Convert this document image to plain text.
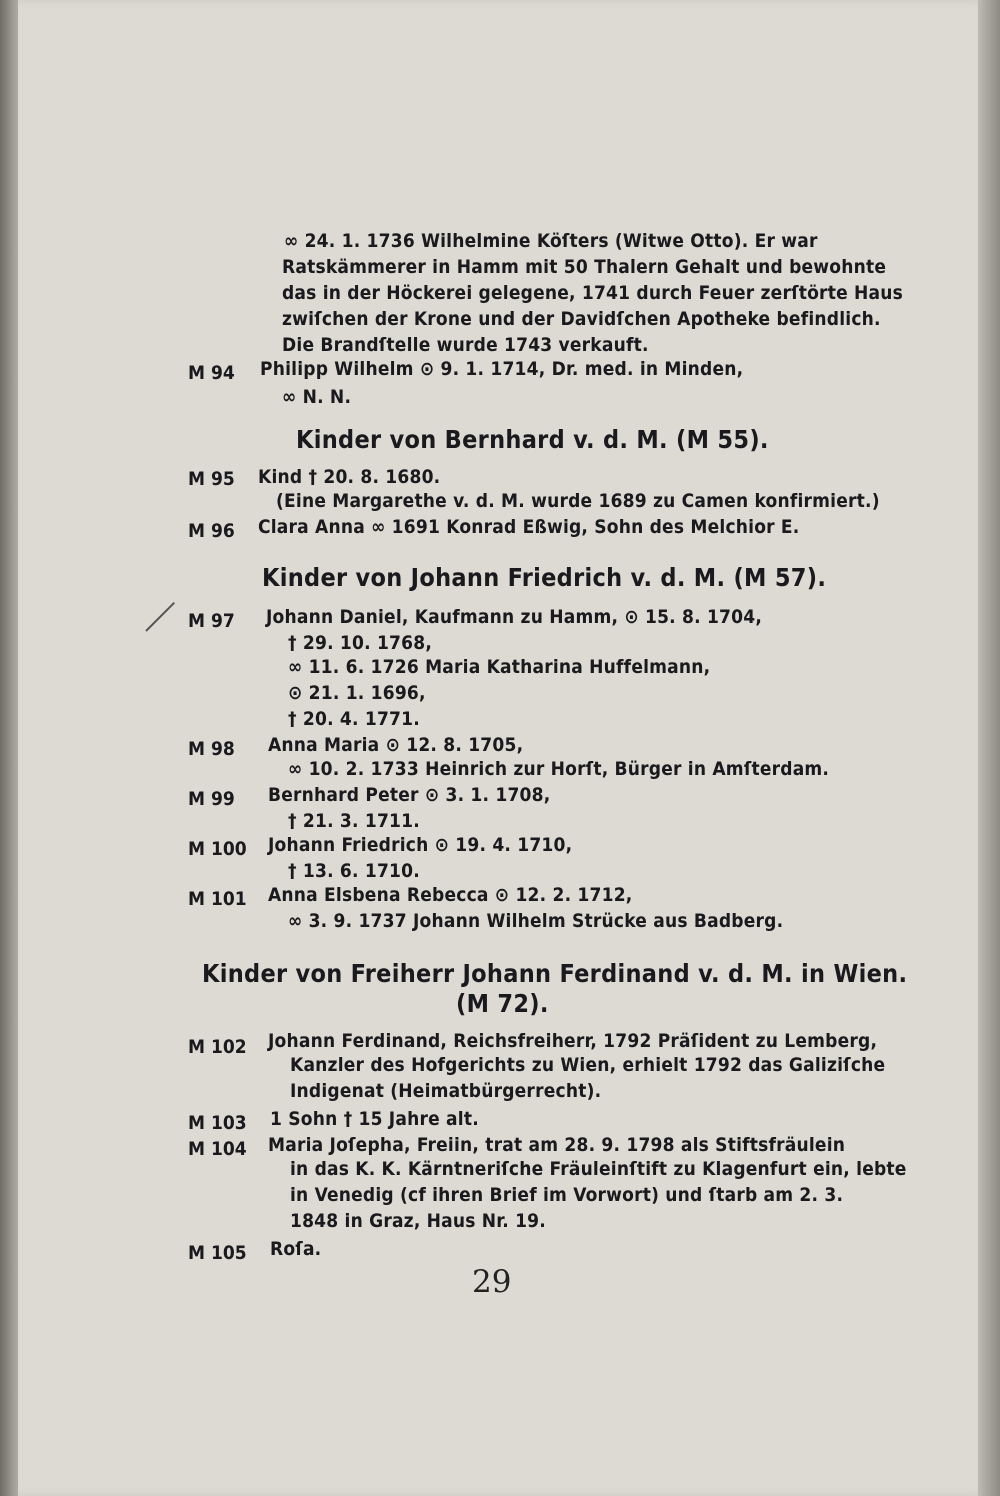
∞ 24. 1. 1736 Wilhelmine Köſters (Witwe Otto). Er war
Ratskämmerer in Hamm mit 50 Thalern Gehalt und bewohnte
das in der Höckerei gelegene, 1741 durch Feuer zerſtörte Haus
zwiſchen der Krone und der Davidſchen Apotheke befindlich.
Die Brandſtelle wurde 1743 verkauft.
M 94 Philipp Wilhelm ⊙ 9. 1. 1714, Dr. med. in Minden,
∞ N. N.
Kinder von Bernhard v. d. M. (M 55).
M 95 Kind † 20. 8. 1680.
(Eine Margarethe v. d. M. wurde 1689 zu Camen konfirmiert.)
M 96 Clara Anna ∞ 1691 Konrad Eßwig, Sohn des Melchior E.
Kinder von Johann Friedrich v. d. M. (M 57).
M 97 Johann Daniel, Kaufmann zu Hamm, ⊙ 15. 8. 1704,
† 29. 10. 1768,
∞ 11. 6. 1726 Maria Katharina Huffelmann,
⊙ 21. 1. 1696,
† 20. 4. 1771.
M 98 Anna Maria ⊙ 12. 8. 1705,
∞ 10. 2. 1733 Heinrich zur Horſt, Bürger in Amſterdam.
M 99 Bernhard Peter ⊙ 3. 1. 1708,
† 21. 3. 1711.
M 100 Johann Friedrich ⊙ 19. 4. 1710,
† 13. 6. 1710.
M 101 Anna Elsbena Rebecca ⊙ 12. 2. 1712,
∞ 3. 9. 1737 Johann Wilhelm Strücke aus Badberg.
Kinder von Freiherr Johann Ferdinand v. d. M. in Wien.
(M 72).
M 102 Johann Ferdinand, Reichsfreiherr, 1792 Präſident zu Lemberg,
Kanzler des Hofgerichts zu Wien, erhielt 1792 das Galiziſche
Indigenat (Heimatbürgerrecht).
M 103 1 Sohn † 15 Jahre alt.
M 104 Maria Joſepha, Freiin, trat am 28. 9. 1798 als Stiftsfräulein
in das K. K. Kärntneriſche Fräuleinſtift zu Klagenfurt ein, lebte
in Venedig (cf ihren Brief im Vorwort) und ſtarb am 2. 3.
1848 in Graz, Haus Nr. 19.
M 105 Roſa.
29
